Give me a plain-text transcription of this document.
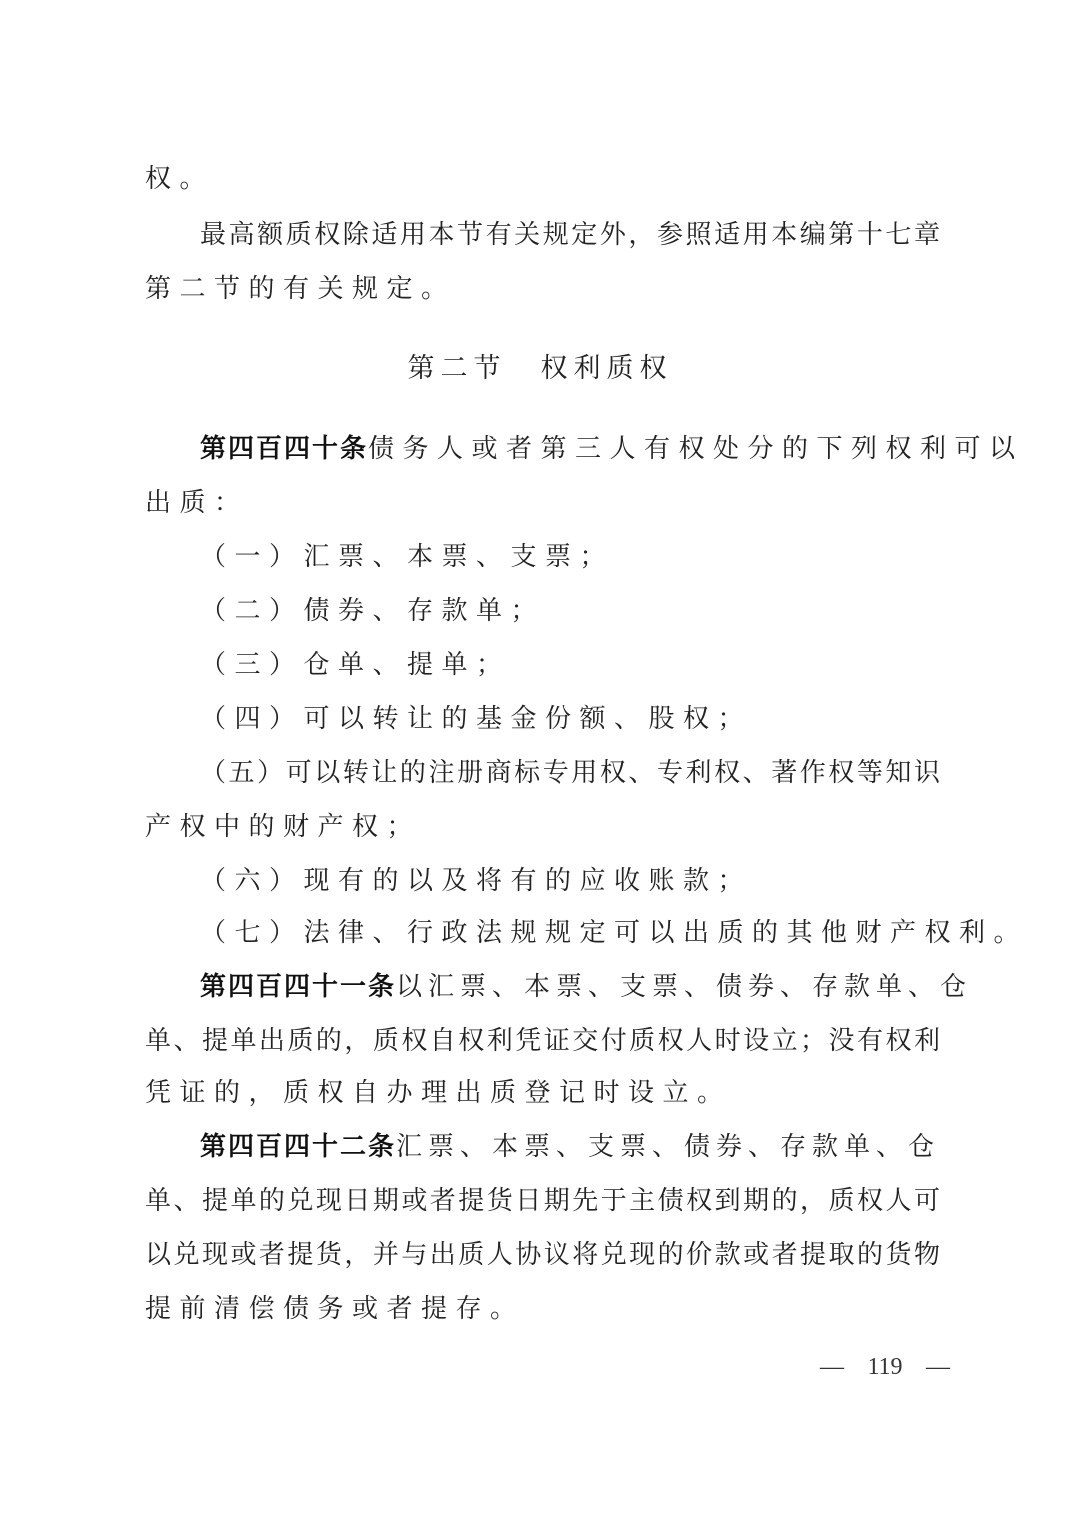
权。
最高额质权除适用本节有关规定外，参照适用本编第十七章
第二节的有关规定。
第二节 权利质权
第四百四十条 债务人或者第三人有权处分的下列权利可以
出质：
（一）汇票、本票、支票；
（二）债券、存款单；
（三）仓单、提单；
（四）可以转让的基金份额、股权；
（五）可以转让的注册商标专用权、专利权、著作权等知识
产权中的财产权；
（六）现有的以及将有的应收账款；
（七）法律、行政法规规定可以出质的其他财产权利。
第四百四十一条 以汇票、本票、支票、债券、存款单、仓
单、提单出质的，质权自权利凭证交付质权人时设立；没有权利
凭证的，质权自办理出质登记时设立。
第四百四十二条 汇票、本票、支票、债券、存款单、仓
单、提单的兑现日期或者提货日期先于主债权到期的，质权人可
以兑现或者提货，并与出质人协议将兑现的价款或者提取的货物
提前清偿债务或者提存。
— 119 —
